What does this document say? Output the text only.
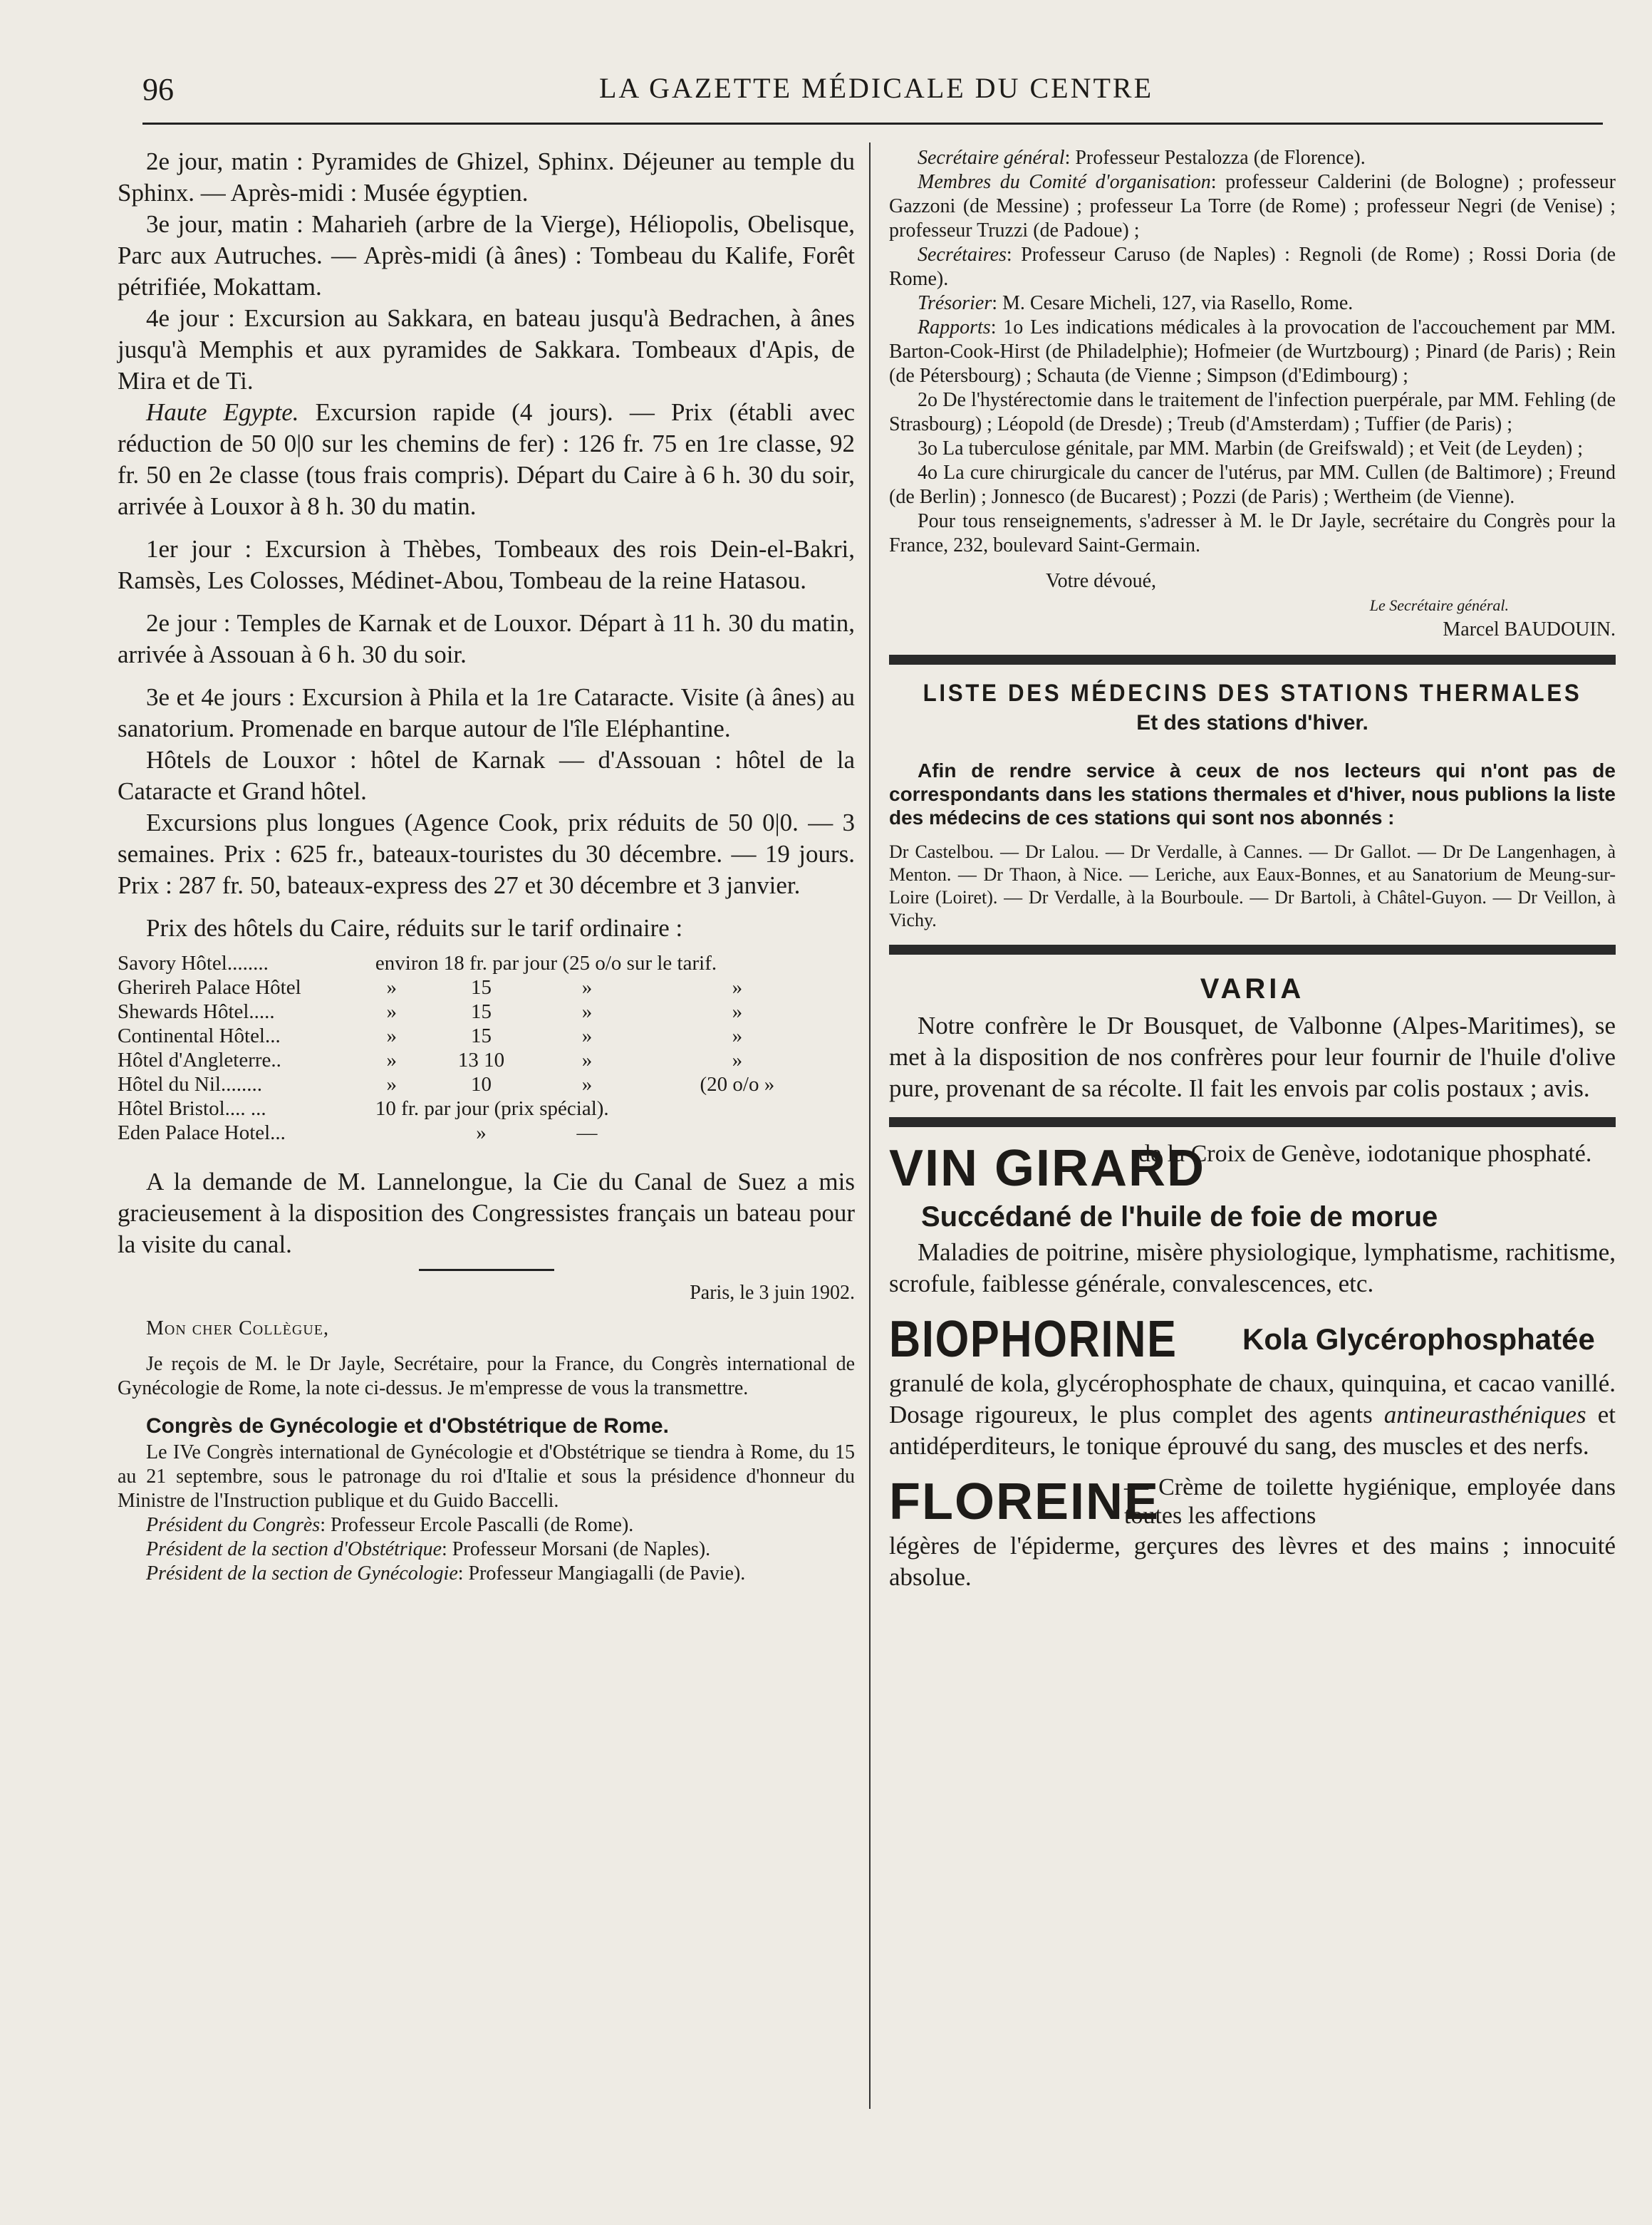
96	LA GAZETTE MÉDICALE DU CENTRE

2e jour, matin : Pyramides de Ghizel, Sphinx. Déjeuner au temple du Sphinx. — Après-midi : Musée égyptien.

3e jour, matin : Maharieh (arbre de la Vierge), Héliopolis, Obelisque, Parc aux Autruches. — Après-midi (à ânes) : Tombeau du Kalife, Forêt pétrifiée, Mokattam.

4e jour : Excursion au Sakkara, en bateau jusqu'à Bedrachen, à ânes jusqu'à Memphis et aux pyramides de Sakkara. Tombeaux d'Apis, de Mira et de Ti.

Haute Egypte. Excursion rapide (4 jours). — Prix (établi avec réduction de 50 0|0 sur les chemins de fer) : 126 fr. 75 en 1re classe, 92 fr. 50 en 2e classe (tous frais compris). Départ du Caire à 6 h. 30 du soir, arrivée à Louxor à 8 h. 30 du matin.

1er jour : Excursion à Thèbes, Tombeaux des rois Dein-el-Bakri, Ramsès, Les Colosses, Médinet-Abou, Tombeau de la reine Hatasou.

2e jour : Temples de Karnak et de Louxor. Départ à 11 h. 30 du matin, arrivée à Assouan à 6 h. 30 du soir.

3e et 4e jours : Excursion à Phila et la 1re Cataracte. Visite (à ânes) au sanatorium. Promenade en barque autour de l'île Eléphantine.

Hôtels de Louxor : hôtel de Karnak — d'Assouan : hôtel de la Cataracte et Grand hôtel.

Excursions plus longues (Agence Cook, prix réduits de 50 0|0. — 3 semaines. Prix : 625 fr., bateaux-touristes du 30 décembre. — 19 jours. Prix : 287 fr. 50, bateaux-express des 27 et 30 décembre et 3 janvier.

Prix des hôtels du Caire, réduits sur le tarif ordinaire :

Savory Hôtel........	environ 18 fr. par jour (25 o/o sur le tarif.			
Gherireh Palace Hôtel	»	15	»	»
Shewards Hôtel.....	»	15	»	»
Continental Hôtel...	»	15	»	»
Hôtel d'Angleterre..	»	13 10	»	»
Hôtel du Nil........	»	10	»	(20 o/o »
Hôtel Bristol.... ...	10 fr. par jour (prix spécial).			
Eden Palace Hotel...		»	—	

A la demande de M. Lannelongue, la Cie du Canal de Suez a mis gracieusement à la disposition des Congressistes français un bateau pour la visite du canal.

Paris, le 3 juin 1902.

Mon cher Collègue,

Je reçois de M. le Dr Jayle, Secrétaire, pour la France, du Congrès international de Gynécologie de Rome, la note ci-dessus. Je m'empresse de vous la transmettre.

Congrès de Gynécologie et d'Obstétrique de Rome.

Le IVe Congrès international de Gynécologie et d'Obstétrique se tiendra à Rome, du 15 au 21 septembre, sous le patronage du roi d'Italie et sous la présidence d'honneur du Ministre de l'Instruction publique et du Guido Baccelli.

Président du Congrès: Professeur Ercole Pascalli (de Rome).

Président de la section d'Obstétrique: Professeur Morsani (de Naples).

Président de la section de Gynécologie: Professeur Mangiagalli (de Pavie).

Secrétaire général: Professeur Pestalozza (de Florence).

Membres du Comité d'organisation: professeur Calderini (de Bologne) ; professeur Gazzoni (de Messine) ; professeur La Torre (de Rome) ; professeur Negri (de Venise) ; professeur Truzzi (de Padoue) ;

Secrétaires: Professeur Caruso (de Naples) : Regnoli (de Rome) ; Rossi Doria (de Rome).

Trésorier: M. Cesare Micheli, 127, via Rasello, Rome.

Rapports: 1o Les indications médicales à la provocation de l'accouchement par MM. Barton-Cook-Hirst (de Philadelphie); Hofmeier (de Wurtzbourg) ; Pinard (de Paris) ; Rein (de Pétersbourg) ; Schauta (de Vienne ; Simpson (d'Edimbourg) ;

2o De l'hystérectomie dans le traitement de l'infection puerpérale, par MM. Fehling (de Strasbourg) ; Léopold (de Dresde) ; Treub (d'Amsterdam) ; Tuffier (de Paris) ;

3o La tuberculose génitale, par MM. Marbin (de Greifswald) ; et Veit (de Leyden) ;

4o La cure chirurgicale du cancer de l'utérus, par MM. Cullen (de Baltimore) ; Freund (de Berlin) ; Jonnesco (de Bucarest) ; Pozzi (de Paris) ; Wertheim (de Vienne).

Pour tous renseignements, s'adresser à M. le Dr Jayle, secrétaire du Congrès pour la France, 232, boulevard Saint-Germain.

Votre dévoué,

Le Secrétaire général.

Marcel BAUDOUIN.

LISTE DES MÉDECINS DES STATIONS THERMALES

Et des stations d'hiver.

Afin de rendre service à ceux de nos lecteurs qui n'ont pas de correspondants dans les stations thermales et d'hiver, nous publions la liste des médecins de ces stations qui sont nos abonnés :

Dr Castelbou. — Dr Lalou. — Dr Verdalle, à Cannes. — Dr Gallot. — Dr De Langenhagen, à Menton. — Dr Thaon, à Nice. — Leriche, aux Eaux-Bonnes, et au Sanatorium de Meung-sur-Loire (Loiret). — Dr Verdalle, à la Bourboule. — Dr Bartoli, à Châtel-Guyon. — Dr Veillon, à Vichy.

VARIA

Notre confrère le Dr Bousquet, de Valbonne (Alpes-Maritimes), se met à la disposition de nos confrères pour leur fournir de l'huile d'olive pure, provenant de sa récolte. Il fait les envois par colis postaux ; avis.

VIN GIRARD

de la Croix de Genève, iodotanique phosphaté.

Succédané de l'huile de foie de morue

Maladies de poitrine, misère physiologique, lymphatisme, rachitisme, scrofule, faiblesse générale, convalescences, etc.

BIOPHORINE	Kola Glycérophosphatée

granulé de kola, glycérophosphate de chaux, quinquina, et cacao vanillé. Dosage rigoureux, le plus complet des agents antineurasthéniques et antidéperditeurs, le tonique éprouvé du sang, des muscles et des nerfs.

FLOREINE

— Crème de toilette hygiénique, employée dans toutes les affections

légères de l'épiderme, gerçures des lèvres et des mains ; innocuité absolue.
